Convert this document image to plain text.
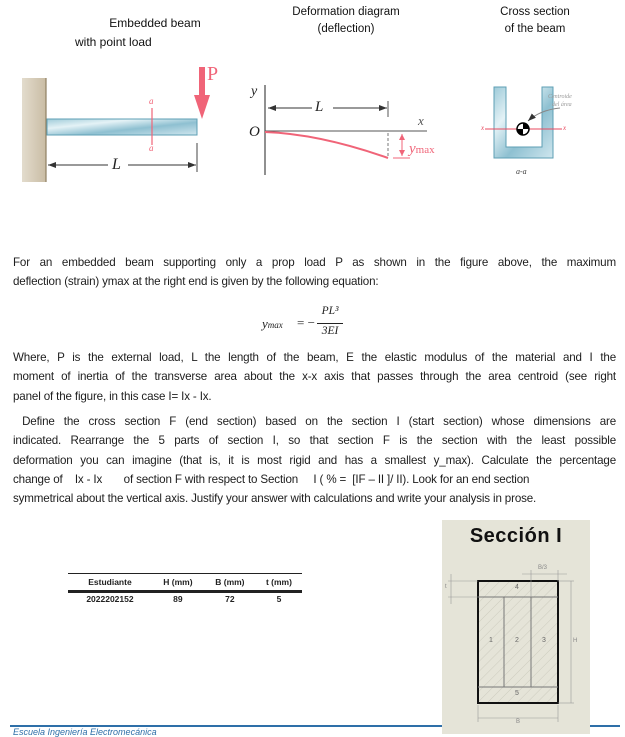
Embedded beam
with point load
Deformation diagram
(deflection)
Cross section
of the beam
P
a
a
L
y
O
x
L
ymax
Centroide
del área
x	x
a-a
For an embedded beam supporting only a prop load P as shown in the figure above, the maximum
deflection (strain) ymax at the right end is given by the following equation:
ymax = −
PL³
3EI
Where, P is the external load, L the length of the beam, E the elastic modulus of the material and I the
moment of inertia of the transverse area about the x-x axis that passes through the area centroid (see right
panel of the figure, in this case I= Ix - Ix.
Define the cross section F (end section) based on the section I (start section) whose dimensions are
indicated. Rearrange the 5 parts of section I, so that section F is the section with the least possible
deformation you can imagine (that is, it is most rigid and has a smallest y_max). Calculate the percentage
change of    Ix - Ix       of section F with respect to Section     I ( % =  [IF – II ]/ II). Look for an end section
symmetrical about the vertical axis. Justify your answer with calculations and write your analysis in prose.
Estudiante	H (mm)	B (mm)	t (mm)
2022202152	89	72	5
Escuela Ingeniería Electromecánica
Sección I
4
1	2	3
5
B/3
H
B
t
